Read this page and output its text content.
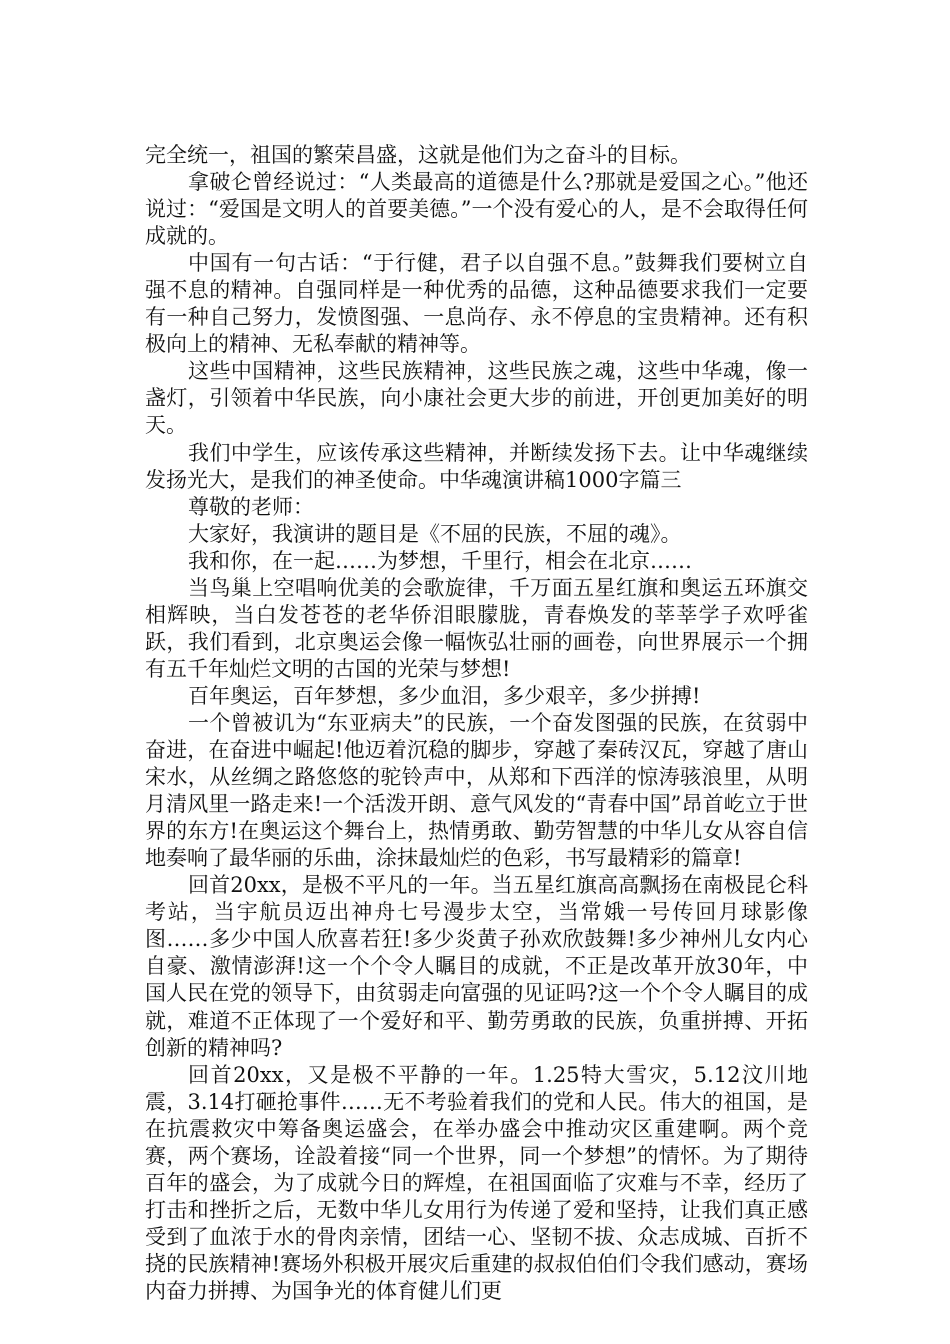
完全统一，祖国的繁荣昌盛，这就是他们为之奋斗的目标。

拿破仑曾经说过：“人类最高的道德是什么?那就是爱国之心。”他还说过：“爱国是文明人的首要美德。”一个没有爱心的人，是不会取得任何成就的。

中国有一句古话：“于行健，君子以自强不息。”鼓舞我们要树立自强不息的精神。自强同样是一种优秀的品德，这种品德要求我们一定要有一种自己努力，发愤图强、一息尚存、永不停息的宝贵精神。还有积极向上的精神、无私奉献的精神等。

这些中国精神，这些民族精神，这些民族之魂，这些中华魂，像一盏灯，引领着中华民族，向小康社会更大步的前进，开创更加美好的明天。

我们中学生，应该传承这些精神，并断续发扬下去。让中华魂继续发扬光大，是我们的神圣使命。中华魂演讲稿1000字篇三

尊敬的老师：

大家好，我演讲的题目是《不屈的民族，不屈的魂》。

我和你，在一起……为梦想，千里行，相会在北京……

当鸟巢上空唱响优美的会歌旋律，千万面五星红旗和奥运五环旗交相辉映，当白发苍苍的老华侨泪眼朦胧，青春焕发的莘莘学子欢呼雀跃，我们看到，北京奥运会像一幅恢弘壮丽的画卷，向世界展示一个拥有五千年灿烂文明的古国的光荣与梦想!

百年奥运，百年梦想，多少血泪，多少艰辛，多少拼搏!

一个曾被讥为“东亚病夫”的民族，一个奋发图强的民族，在贫弱中奋进，在奋进中崛起!他迈着沉稳的脚步，穿越了秦砖汉瓦，穿越了唐山宋水，从丝绸之路悠悠的驼铃声中，从郑和下西洋的惊涛骇浪里，从明月清风里一路走来!一个活泼开朗、意气风发的“青春中国”昂首屹立于世界的东方!在奥运这个舞台上，热情勇敢、勤劳智慧的中华儿女从容自信地奏响了最华丽的乐曲，涂抹最灿烂的色彩，书写最精彩的篇章!

回首20xx，是极不平凡的一年。当五星红旗高高飘扬在南极昆仑科考站，当宇航员迈出神舟七号漫步太空，当常娥一号传回月球影像图……多少中国人欣喜若狂!多少炎黄子孙欢欣鼓舞!多少神州儿女内心自豪、激情澎湃!这一个个令人瞩目的成就，不正是改革开放30年，中国人民在党的领导下，由贫弱走向富强的见证吗?这一个个令人瞩目的成就，难道不正体现了一个爱好和平、勤劳勇敢的民族，负重拼搏、开拓创新的精神吗?

回首20xx，又是极不平静的一年。1.25特大雪灾，5.12汶川地震，3.14打砸抢事件……无不考验着我们的党和人民。伟大的祖国，是在抗震救灾中筹备奥运盛会，在举办盛会中推动灾区重建啊。两个竞赛，两个赛场，诠設着接“同一个世界，同一个梦想”的情怀。为了期待百年的盛会，为了成就今日的辉煌，在祖国面临了灾难与不幸，经历了打击和挫折之后，无数中华儿女用行为传递了爱和坚持，让我们真正感受到了血浓于水的骨肉亲情，团结一心、坚韧不拔、众志成城、百折不挠的民族精神!赛场外积极开展灾后重建的叔叔伯伯们令我们感动，赛场内奋力拼搏、为国争光的体育健儿们更
